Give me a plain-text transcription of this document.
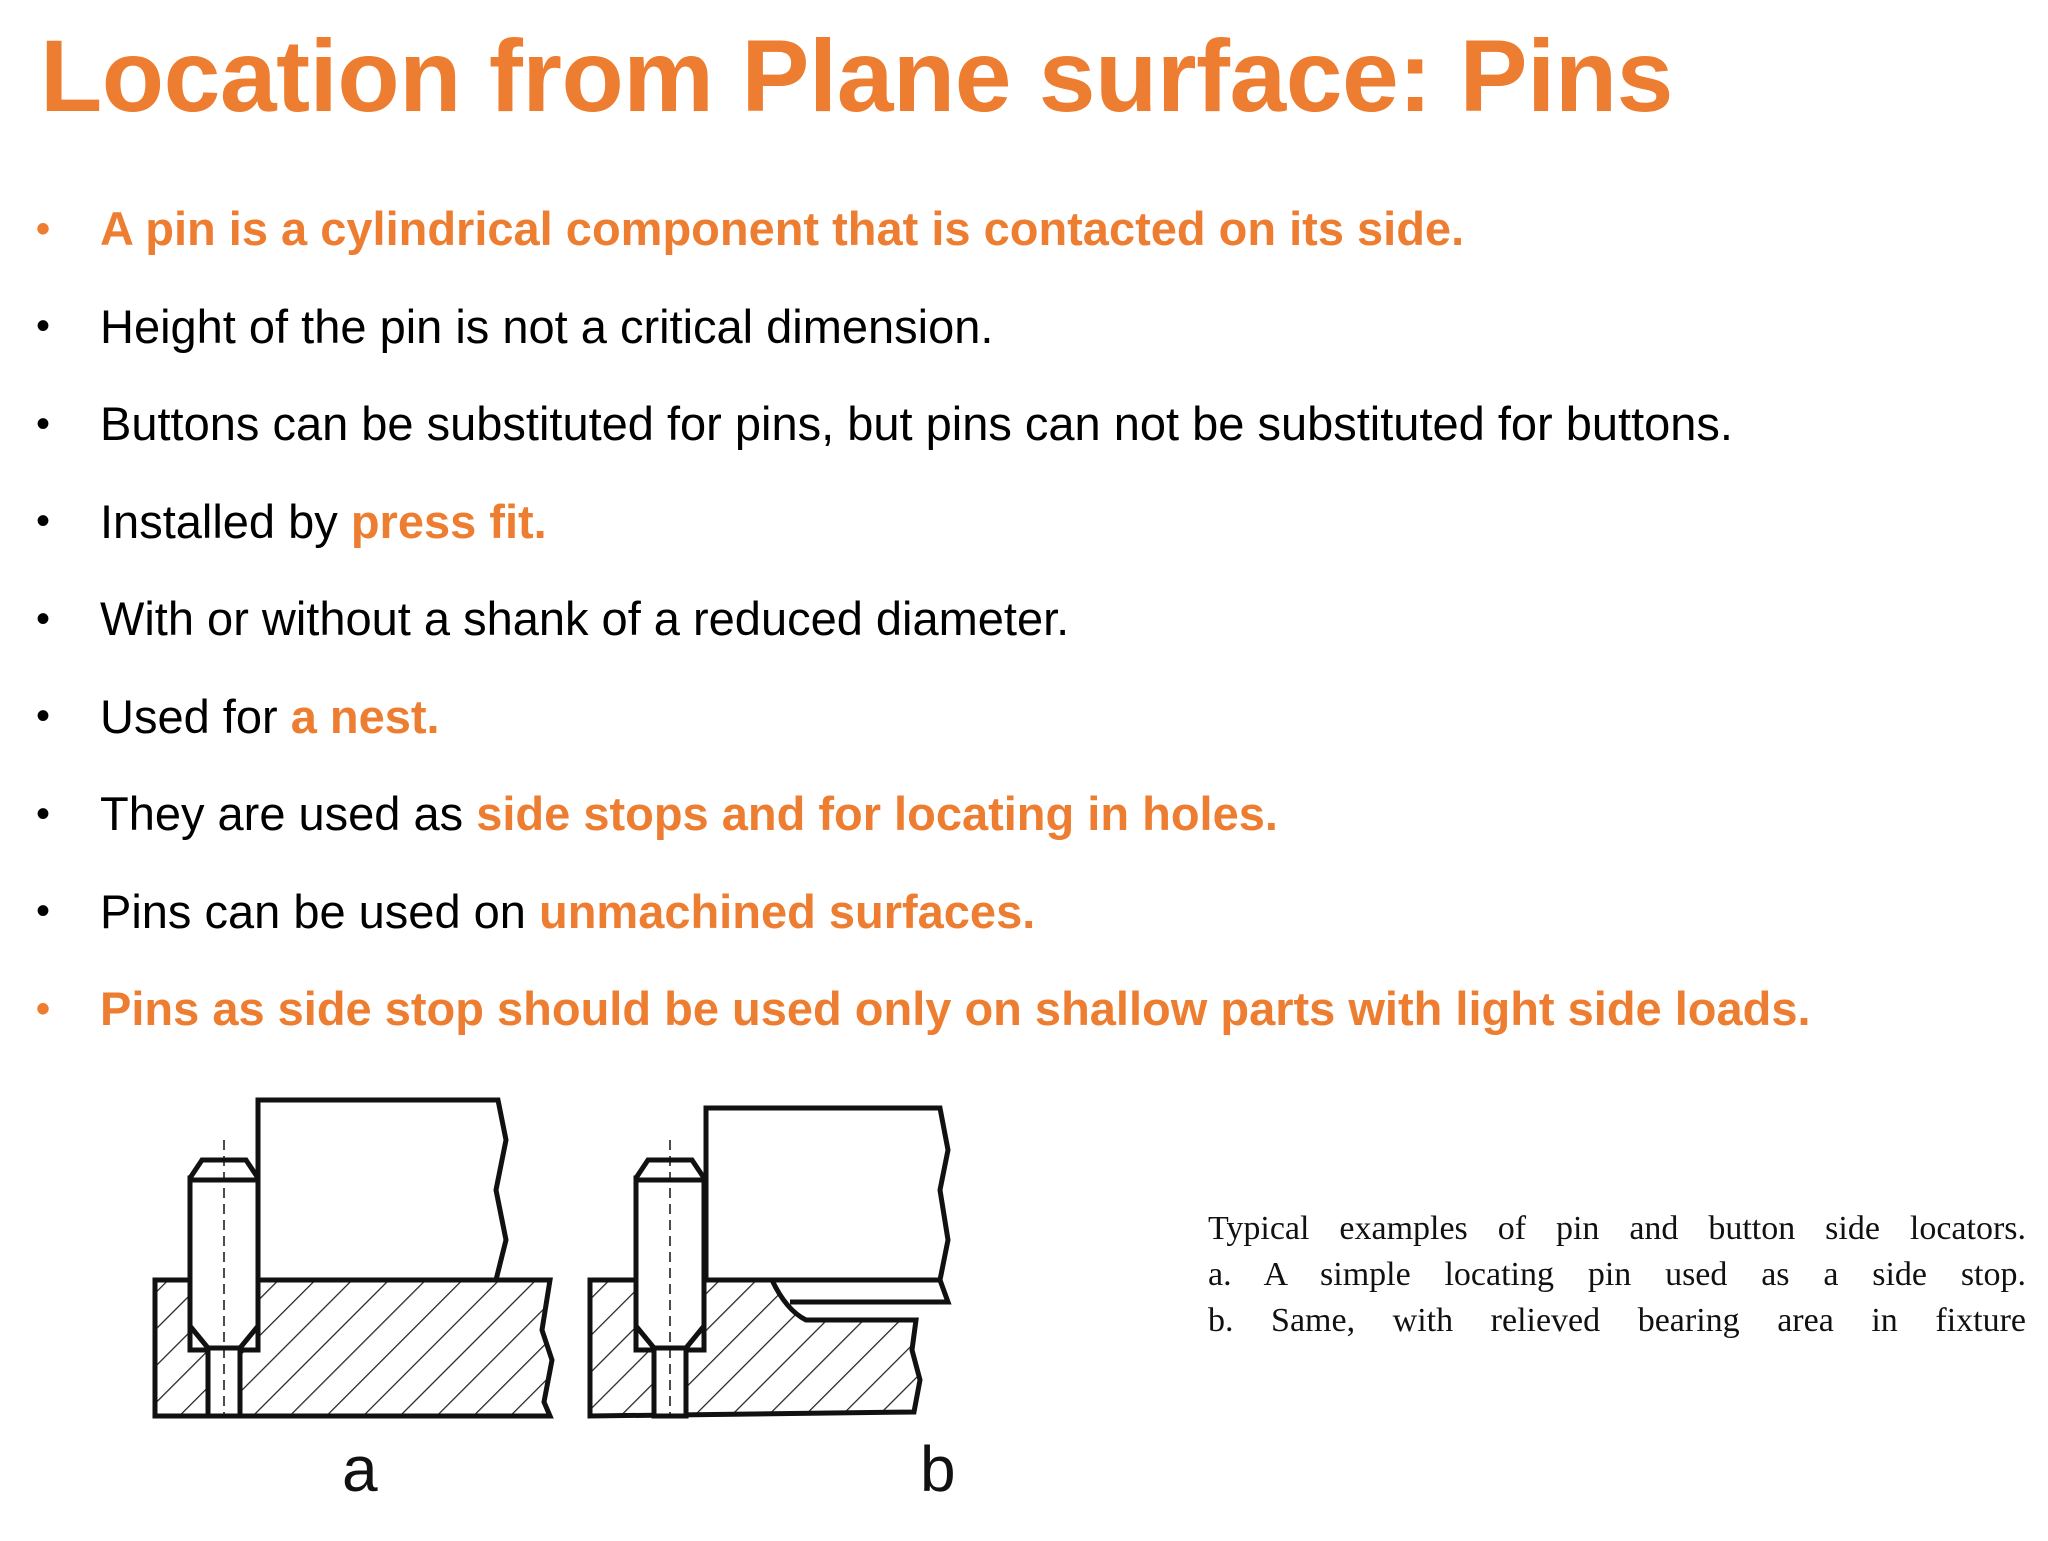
Location from Plane surface: Pins
•	A pin is a cylindrical component that is contacted on its side.
•	Height of the pin is not a critical dimension.
•	Buttons can be substituted for pins, but pins can not be substituted for buttons.
•	Installed by press fit.
•	With or without a shank of a reduced diameter.
•	Used for a nest.
•	They are used as side stops and for locating in holes.
•	Pins can be used on unmachined surfaces.
•	Pins as side stop should be used only on shallow parts with light side loads.
a	b
Typical examples of pin and button side locators.
a. A simple locating pin used as a side stop.
b. Same, with relieved bearing area in fixture
